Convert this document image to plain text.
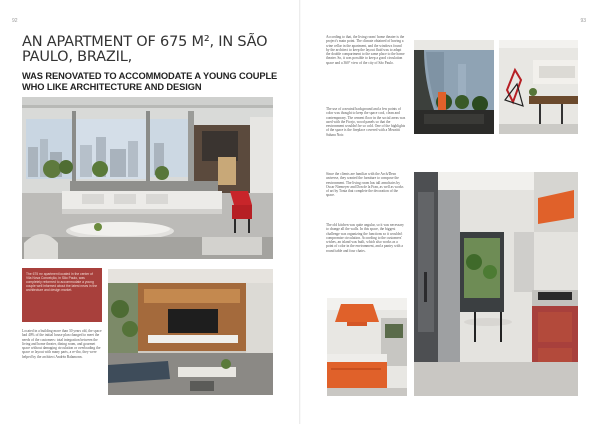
92	93
AN APARTMENT OF 675 M², IN SÃO PAULO, BRAZIL,
WAS RENOVATED TO ACCOMMODATE A YOUNG COUPLE WHO LIKE ARCHITECTURE AND DESIGN
The 675 m² apartment located in the center of Vila Nova Conceição, in São Paulo, was completely reformed to accommodate a young couple well informed about the latest news in the architecture and design market.

Located in a building more than 30 years old, the space had 40% of the initial house plan changed to meet the needs of the customers: total integration between the living and home theater, dining room, and gourmet space without damaging circulation or overloading the space or layout with many parts, a re-tho, they were helped by the architect Andréa Balamonn.

According to that, the living room/ home theater is the project's main point. The climate obtained of having a wine cellar in the apartment, and the windows found by the architect to keep the layout fluid was to adapt the double compartment to the same place to the home theater. So, it was possible to keep a good circulation space and a 360° view of the city of São Paulo.

The use of a neutral background and a few points of color was thought to keep the space cool, clean and contemporary. The cement floor in the social areas was used with the Fiorjo, wood panels so that the environment wouldn't be so cold. One of the highlights of the space is the fireplace covered with a Mezzitti Sahara Noir.

Since the clients are familiar with the Arch/Desn universe, they wanted the furniture to compose the environment. The living room has tall armchairs by Oscar Niemeyer and Don de la Fran, as well as works of art by Tonia that complete the decoration of the space.

The old kitchen was quite angular, so it was necessary to change all the walls. In this space, the biggest challenge was organizing the functions so it wouldn't compromise circulation. According to the customers' wishes, an island was built, which also works as a point of color in the environment, and a pantry with a round table and four chairs.
